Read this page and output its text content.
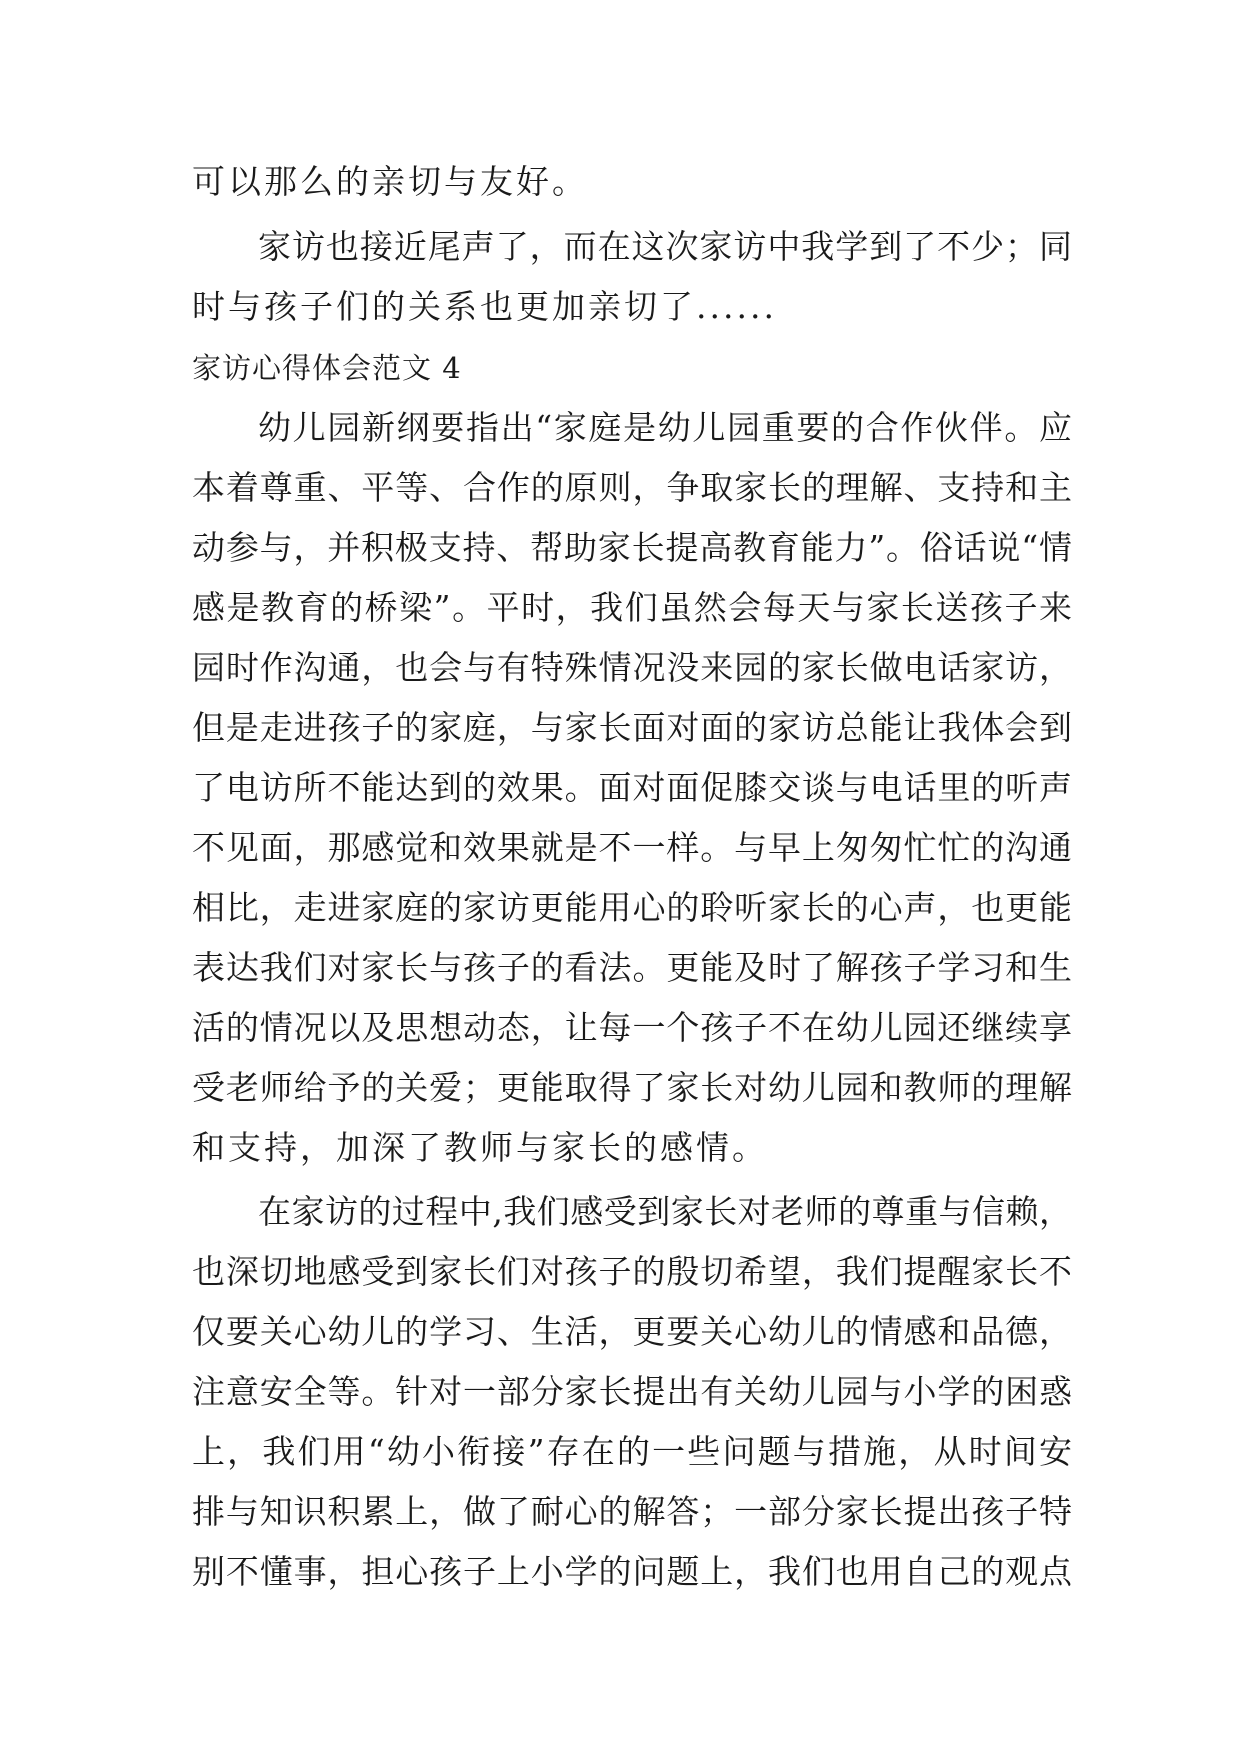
可以那么的亲切与友好。
家访也接近尾声了，而在这次家访中我学到了不少；同
时与孩子们的关系也更加亲切了......
家访心得体会范文 4
幼儿园新纲要指出“家庭是幼儿园重要的合作伙伴。应
本着尊重、平等、合作的原则，争取家长的理解、支持和主
动参与，并积极支持、帮助家长提高教育能力”。俗话说“情
感是教育的桥梁”。平时，我们虽然会每天与家长送孩子来
园时作沟通，也会与有特殊情况没来园的家长做电话家访，
但是走进孩子的家庭，与家长面对面的家访总能让我体会到
了电访所不能达到的效果。面对面促膝交谈与电话里的听声
不见面，那感觉和效果就是不一样。与早上匆匆忙忙的沟通
相比，走进家庭的家访更能用心的聆听家长的心声，也更能
表达我们对家长与孩子的看法。更能及时了解孩子学习和生
活的情况以及思想动态，让每一个孩子不在幼儿园还继续享
受老师给予的关爱；更能取得了家长对幼儿园和教师的理解
和支持，加深了教师与家长的感情。
在家访的过程中,我们感受到家长对老师的尊重与信赖，
也深切地感受到家长们对孩子的殷切希望，我们提醒家长不
仅要关心幼儿的学习、生活，更要关心幼儿的情感和品德，
注意安全等。针对一部分家长提出有关幼儿园与小学的困惑
上，我们用“幼小衔接”存在的一些问题与措施，从时间安
排与知识积累上，做了耐心的解答；一部分家长提出孩子特
别不懂事，担心孩子上小学的问题上，我们也用自己的观点
